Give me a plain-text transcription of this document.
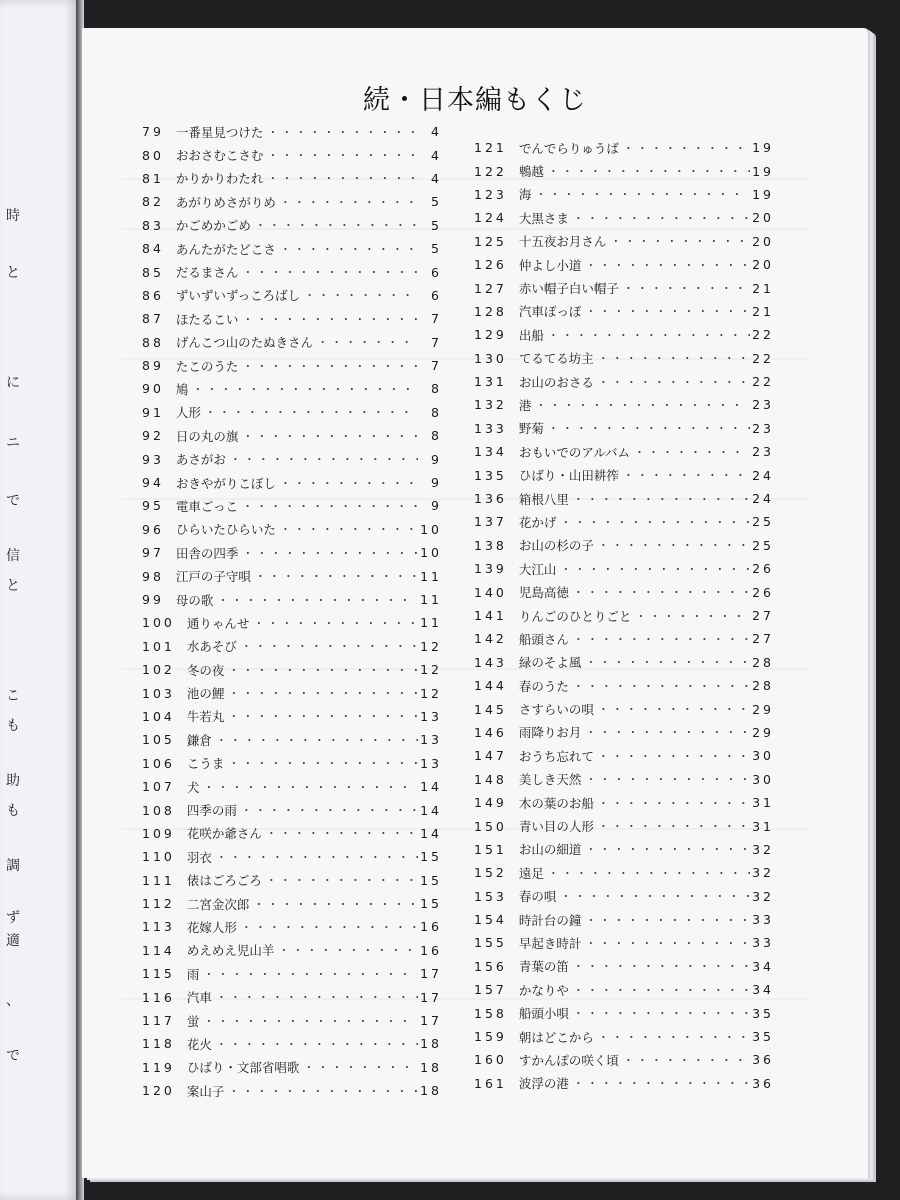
時
と
に
ニ
で
信
と
こ
も
助
も
調
ず
適
、
で
続・日本編もくじ
79 一番星見つけた ・・・・・・・・・・・・・・・・・・・・・・・・・・・・・・・・・・・・・・	4
80 おおさむこさむ ・・・・・・・・・・・・・・・・・・・・・・・・・・・・・・・・・・・・・・	4
81 かりかりわたれ ・・・・・・・・・・・・・・・・・・・・・・・・・・・・・・・・・・・・・・	4
82 あがりめさがりめ ・・・・・・・・・・・・・・・・・・・・・・・・・・・・・・・・・・・・・・	5
83 かごめかごめ ・・・・・・・・・・・・・・・・・・・・・・・・・・・・・・・・・・・・・・	5
84 あんたがたどこさ ・・・・・・・・・・・・・・・・・・・・・・・・・・・・・・・・・・・・・・	5
85 だるまさん ・・・・・・・・・・・・・・・・・・・・・・・・・・・・・・・・・・・・・・	6
86 ずいずいずっころばし ・・・・・・・・・・・・・・・・・・・・・・・・・・・・・・・・・・・・・・	6
87 ほたるこい ・・・・・・・・・・・・・・・・・・・・・・・・・・・・・・・・・・・・・・	7
88 げんこつ山のたぬきさん ・・・・・・・・・・・・・・・・・・・・・・・・・・・・・・・・・・・・・・	7
89 たこのうた ・・・・・・・・・・・・・・・・・・・・・・・・・・・・・・・・・・・・・・	7
90 鳩 ・・・・・・・・・・・・・・・・・・・・・・・・・・・・・・・・・・・・・・	8
91 人形 ・・・・・・・・・・・・・・・・・・・・・・・・・・・・・・・・・・・・・・	8
92 日の丸の旗 ・・・・・・・・・・・・・・・・・・・・・・・・・・・・・・・・・・・・・・	8
93 あさがお ・・・・・・・・・・・・・・・・・・・・・・・・・・・・・・・・・・・・・・	9
94 おきやがりこぼし ・・・・・・・・・・・・・・・・・・・・・・・・・・・・・・・・・・・・・・	9
95 電車ごっこ ・・・・・・・・・・・・・・・・・・・・・・・・・・・・・・・・・・・・・・	9
96 ひらいたひらいた ・・・・・・・・・・・・・・・・・・・・・・・・・・・・・・・・・・・・・・	10
97 田舎の四季 ・・・・・・・・・・・・・・・・・・・・・・・・・・・・・・・・・・・・・・	10
98 江戸の子守唄 ・・・・・・・・・・・・・・・・・・・・・・・・・・・・・・・・・・・・・・	11
99 母の歌 ・・・・・・・・・・・・・・・・・・・・・・・・・・・・・・・・・・・・・・	11
100 通りゃんせ ・・・・・・・・・・・・・・・・・・・・・・・・・・・・・・・・・・・・・・	11
101 水あそび ・・・・・・・・・・・・・・・・・・・・・・・・・・・・・・・・・・・・・・	12
102 冬の夜 ・・・・・・・・・・・・・・・・・・・・・・・・・・・・・・・・・・・・・・	12
103 池の鯉 ・・・・・・・・・・・・・・・・・・・・・・・・・・・・・・・・・・・・・・	12
104 牛若丸 ・・・・・・・・・・・・・・・・・・・・・・・・・・・・・・・・・・・・・・	13
105 鎌倉 ・・・・・・・・・・・・・・・・・・・・・・・・・・・・・・・・・・・・・・	13
106 こうま ・・・・・・・・・・・・・・・・・・・・・・・・・・・・・・・・・・・・・・	13
107 犬 ・・・・・・・・・・・・・・・・・・・・・・・・・・・・・・・・・・・・・・	14
108 四季の雨 ・・・・・・・・・・・・・・・・・・・・・・・・・・・・・・・・・・・・・・	14
109 花咲か爺さん ・・・・・・・・・・・・・・・・・・・・・・・・・・・・・・・・・・・・・・	14
110 羽衣 ・・・・・・・・・・・・・・・・・・・・・・・・・・・・・・・・・・・・・・	15
111 俵はごろごろ ・・・・・・・・・・・・・・・・・・・・・・・・・・・・・・・・・・・・・・	15
112 二宮金次郎 ・・・・・・・・・・・・・・・・・・・・・・・・・・・・・・・・・・・・・・	15
113 花嫁人形 ・・・・・・・・・・・・・・・・・・・・・・・・・・・・・・・・・・・・・・	16
114 めえめえ児山羊 ・・・・・・・・・・・・・・・・・・・・・・・・・・・・・・・・・・・・・・	16
115 雨 ・・・・・・・・・・・・・・・・・・・・・・・・・・・・・・・・・・・・・・	17
116 汽車 ・・・・・・・・・・・・・・・・・・・・・・・・・・・・・・・・・・・・・・	17
117 蛍 ・・・・・・・・・・・・・・・・・・・・・・・・・・・・・・・・・・・・・・	17
118 花火 ・・・・・・・・・・・・・・・・・・・・・・・・・・・・・・・・・・・・・・	18
119 ひばり・文部省唱歌 ・・・・・・・・・・・・・・・・・・・・・・・・・・・・・・・・・・・・・・	18
120 案山子 ・・・・・・・・・・・・・・・・・・・・・・・・・・・・・・・・・・・・・・	18
121 でんでらりゅうば ・・・・・・・・・・・・・・・・・・・・・・・・・・・・・・・・・・・・・・	19
122 鵯越 ・・・・・・・・・・・・・・・・・・・・・・・・・・・・・・・・・・・・・・	19
123 海 ・・・・・・・・・・・・・・・・・・・・・・・・・・・・・・・・・・・・・・	19
124 大黒さま ・・・・・・・・・・・・・・・・・・・・・・・・・・・・・・・・・・・・・・	20
125 十五夜お月さん ・・・・・・・・・・・・・・・・・・・・・・・・・・・・・・・・・・・・・・	20
126 仲よし小道 ・・・・・・・・・・・・・・・・・・・・・・・・・・・・・・・・・・・・・・	20
127 赤い帽子白い帽子 ・・・・・・・・・・・・・・・・・・・・・・・・・・・・・・・・・・・・・・	21
128 汽車ぽっぽ ・・・・・・・・・・・・・・・・・・・・・・・・・・・・・・・・・・・・・・	21
129 出船 ・・・・・・・・・・・・・・・・・・・・・・・・・・・・・・・・・・・・・・	22
130 てるてる坊主 ・・・・・・・・・・・・・・・・・・・・・・・・・・・・・・・・・・・・・・	22
131 お山のおさる ・・・・・・・・・・・・・・・・・・・・・・・・・・・・・・・・・・・・・・	22
132 港 ・・・・・・・・・・・・・・・・・・・・・・・・・・・・・・・・・・・・・・	23
133 野菊 ・・・・・・・・・・・・・・・・・・・・・・・・・・・・・・・・・・・・・・	23
134 おもいでのアルバム ・・・・・・・・・・・・・・・・・・・・・・・・・・・・・・・・・・・・・・	23
135 ひばり・山田耕筰 ・・・・・・・・・・・・・・・・・・・・・・・・・・・・・・・・・・・・・・	24
136 箱根八里 ・・・・・・・・・・・・・・・・・・・・・・・・・・・・・・・・・・・・・・	24
137 花かげ ・・・・・・・・・・・・・・・・・・・・・・・・・・・・・・・・・・・・・・	25
138 お山の杉の子 ・・・・・・・・・・・・・・・・・・・・・・・・・・・・・・・・・・・・・・	25
139 大江山 ・・・・・・・・・・・・・・・・・・・・・・・・・・・・・・・・・・・・・・	26
140 児島高徳 ・・・・・・・・・・・・・・・・・・・・・・・・・・・・・・・・・・・・・・	26
141 りんごのひとりごと ・・・・・・・・・・・・・・・・・・・・・・・・・・・・・・・・・・・・・・	27
142 船頭さん ・・・・・・・・・・・・・・・・・・・・・・・・・・・・・・・・・・・・・・	27
143 緑のそよ風 ・・・・・・・・・・・・・・・・・・・・・・・・・・・・・・・・・・・・・・	28
144 春のうた ・・・・・・・・・・・・・・・・・・・・・・・・・・・・・・・・・・・・・・	28
145 さすらいの唄 ・・・・・・・・・・・・・・・・・・・・・・・・・・・・・・・・・・・・・・	29
146 雨降りお月 ・・・・・・・・・・・・・・・・・・・・・・・・・・・・・・・・・・・・・・	29
147 おうち忘れて ・・・・・・・・・・・・・・・・・・・・・・・・・・・・・・・・・・・・・・	30
148 美しき天然 ・・・・・・・・・・・・・・・・・・・・・・・・・・・・・・・・・・・・・・	30
149 木の葉のお船 ・・・・・・・・・・・・・・・・・・・・・・・・・・・・・・・・・・・・・・	31
150 青い目の人形 ・・・・・・・・・・・・・・・・・・・・・・・・・・・・・・・・・・・・・・	31
151 お山の細道 ・・・・・・・・・・・・・・・・・・・・・・・・・・・・・・・・・・・・・・	32
152 遠足 ・・・・・・・・・・・・・・・・・・・・・・・・・・・・・・・・・・・・・・	32
153 春の唄 ・・・・・・・・・・・・・・・・・・・・・・・・・・・・・・・・・・・・・・	32
154 時計台の鐘 ・・・・・・・・・・・・・・・・・・・・・・・・・・・・・・・・・・・・・・	33
155 早起き時計 ・・・・・・・・・・・・・・・・・・・・・・・・・・・・・・・・・・・・・・	33
156 青葉の笛 ・・・・・・・・・・・・・・・・・・・・・・・・・・・・・・・・・・・・・・	34
157 かなりや ・・・・・・・・・・・・・・・・・・・・・・・・・・・・・・・・・・・・・・	34
158 船頭小唄 ・・・・・・・・・・・・・・・・・・・・・・・・・・・・・・・・・・・・・・	35
159 朝はどこから ・・・・・・・・・・・・・・・・・・・・・・・・・・・・・・・・・・・・・・	35
160 すかんぽの咲く頃 ・・・・・・・・・・・・・・・・・・・・・・・・・・・・・・・・・・・・・・	36
161 波浮の港 ・・・・・・・・・・・・・・・・・・・・・・・・・・・・・・・・・・・・・・	36
